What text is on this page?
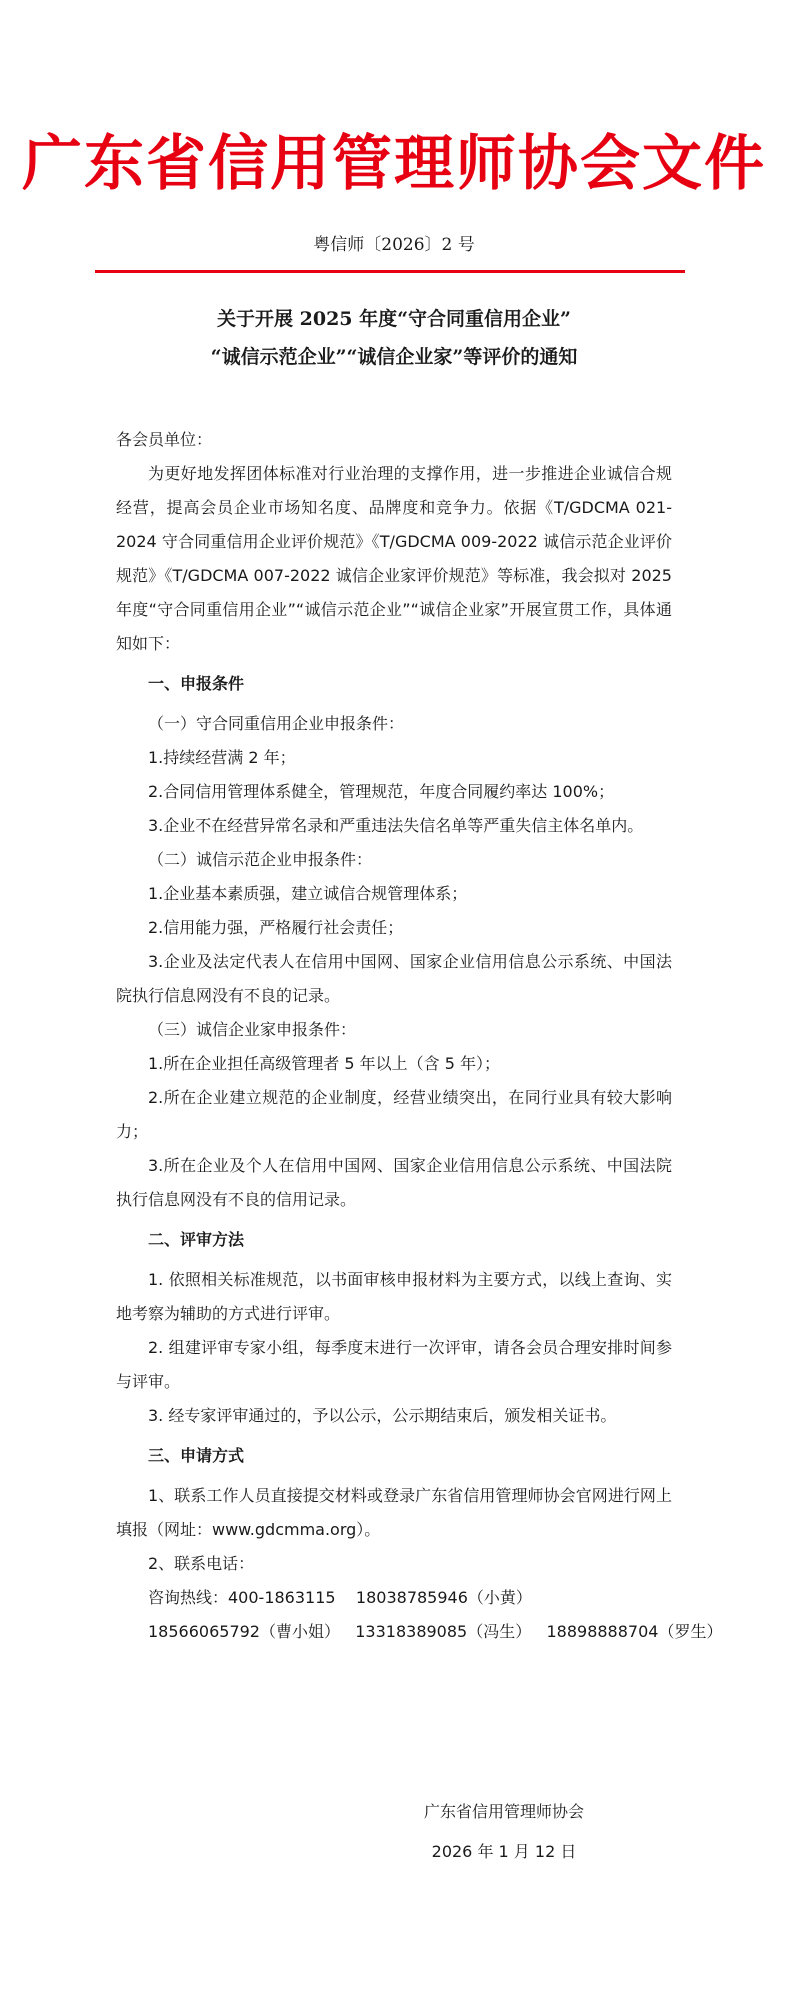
广东省信用管理师协会文件
粤信师〔2026〕2 号
关于开展 2025 年度“守合同重信用企业”
“诚信示范企业”“诚信企业家”等评价的通知

各会员单位：

为更好地发挥团体标准对行业治理的支撑作用，进一步推进企业诚信合规经营，提高会员企业市场知名度、品牌度和竞争力。依据《T/GDCMA 021-2024 守合同重信用企业评价规范》《T/GDCMA 009-2022 诚信示范企业评价规范》《T/GDCMA 007-2022 诚信企业家评价规范》等标准，我会拟对 2025 年度“守合同重信用企业”“诚信示范企业”“诚信企业家”开展宣贯工作，具体通知如下：

一、申报条件

（一）守合同重信用企业申报条件：

1.持续经营满 2 年；

2.合同信用管理体系健全，管理规范，年度合同履约率达 100%；

3.企业不在经营异常名录和严重违法失信名单等严重失信主体名单内。

（二）诚信示范企业申报条件：

1.企业基本素质强，建立诚信合规管理体系；

2.信用能力强，严格履行社会责任；

3.企业及法定代表人在信用中国网、国家企业信用信息公示系统、中国法院执行信息网没有不良的记录。

（三）诚信企业家申报条件：

1.所在企业担任高级管理者 5 年以上（含 5 年）；

2.所在企业建立规范的企业制度，经营业绩突出，在同行业具有较大影响力；

3.所在企业及个人在信用中国网、国家企业信用信息公示系统、中国法院执行信息网没有不良的信用记录。

二、评审方法

1. 依照相关标准规范，以书面审核申报材料为主要方式，以线上查询、实地考察为辅助的方式进行评审。

2. 组建评审专家小组，每季度末进行一次评审，请各会员合理安排时间参与评审。

3. 经专家评审通过的，予以公示，公示期结束后，颁发相关证书。

三、申请方式

1、联系工作人员直接提交材料或登录广东省信用管理师协会官网进行网上填报（网址：www.gdcmma.org）。

2、联系电话：

咨询热线：400-1863115    18038785946（小黄）

18566065792（曹小姐）   13318389085（冯生）   18898888704（罗生）

广东省信用管理师协会
2026 年 1 月 12 日
